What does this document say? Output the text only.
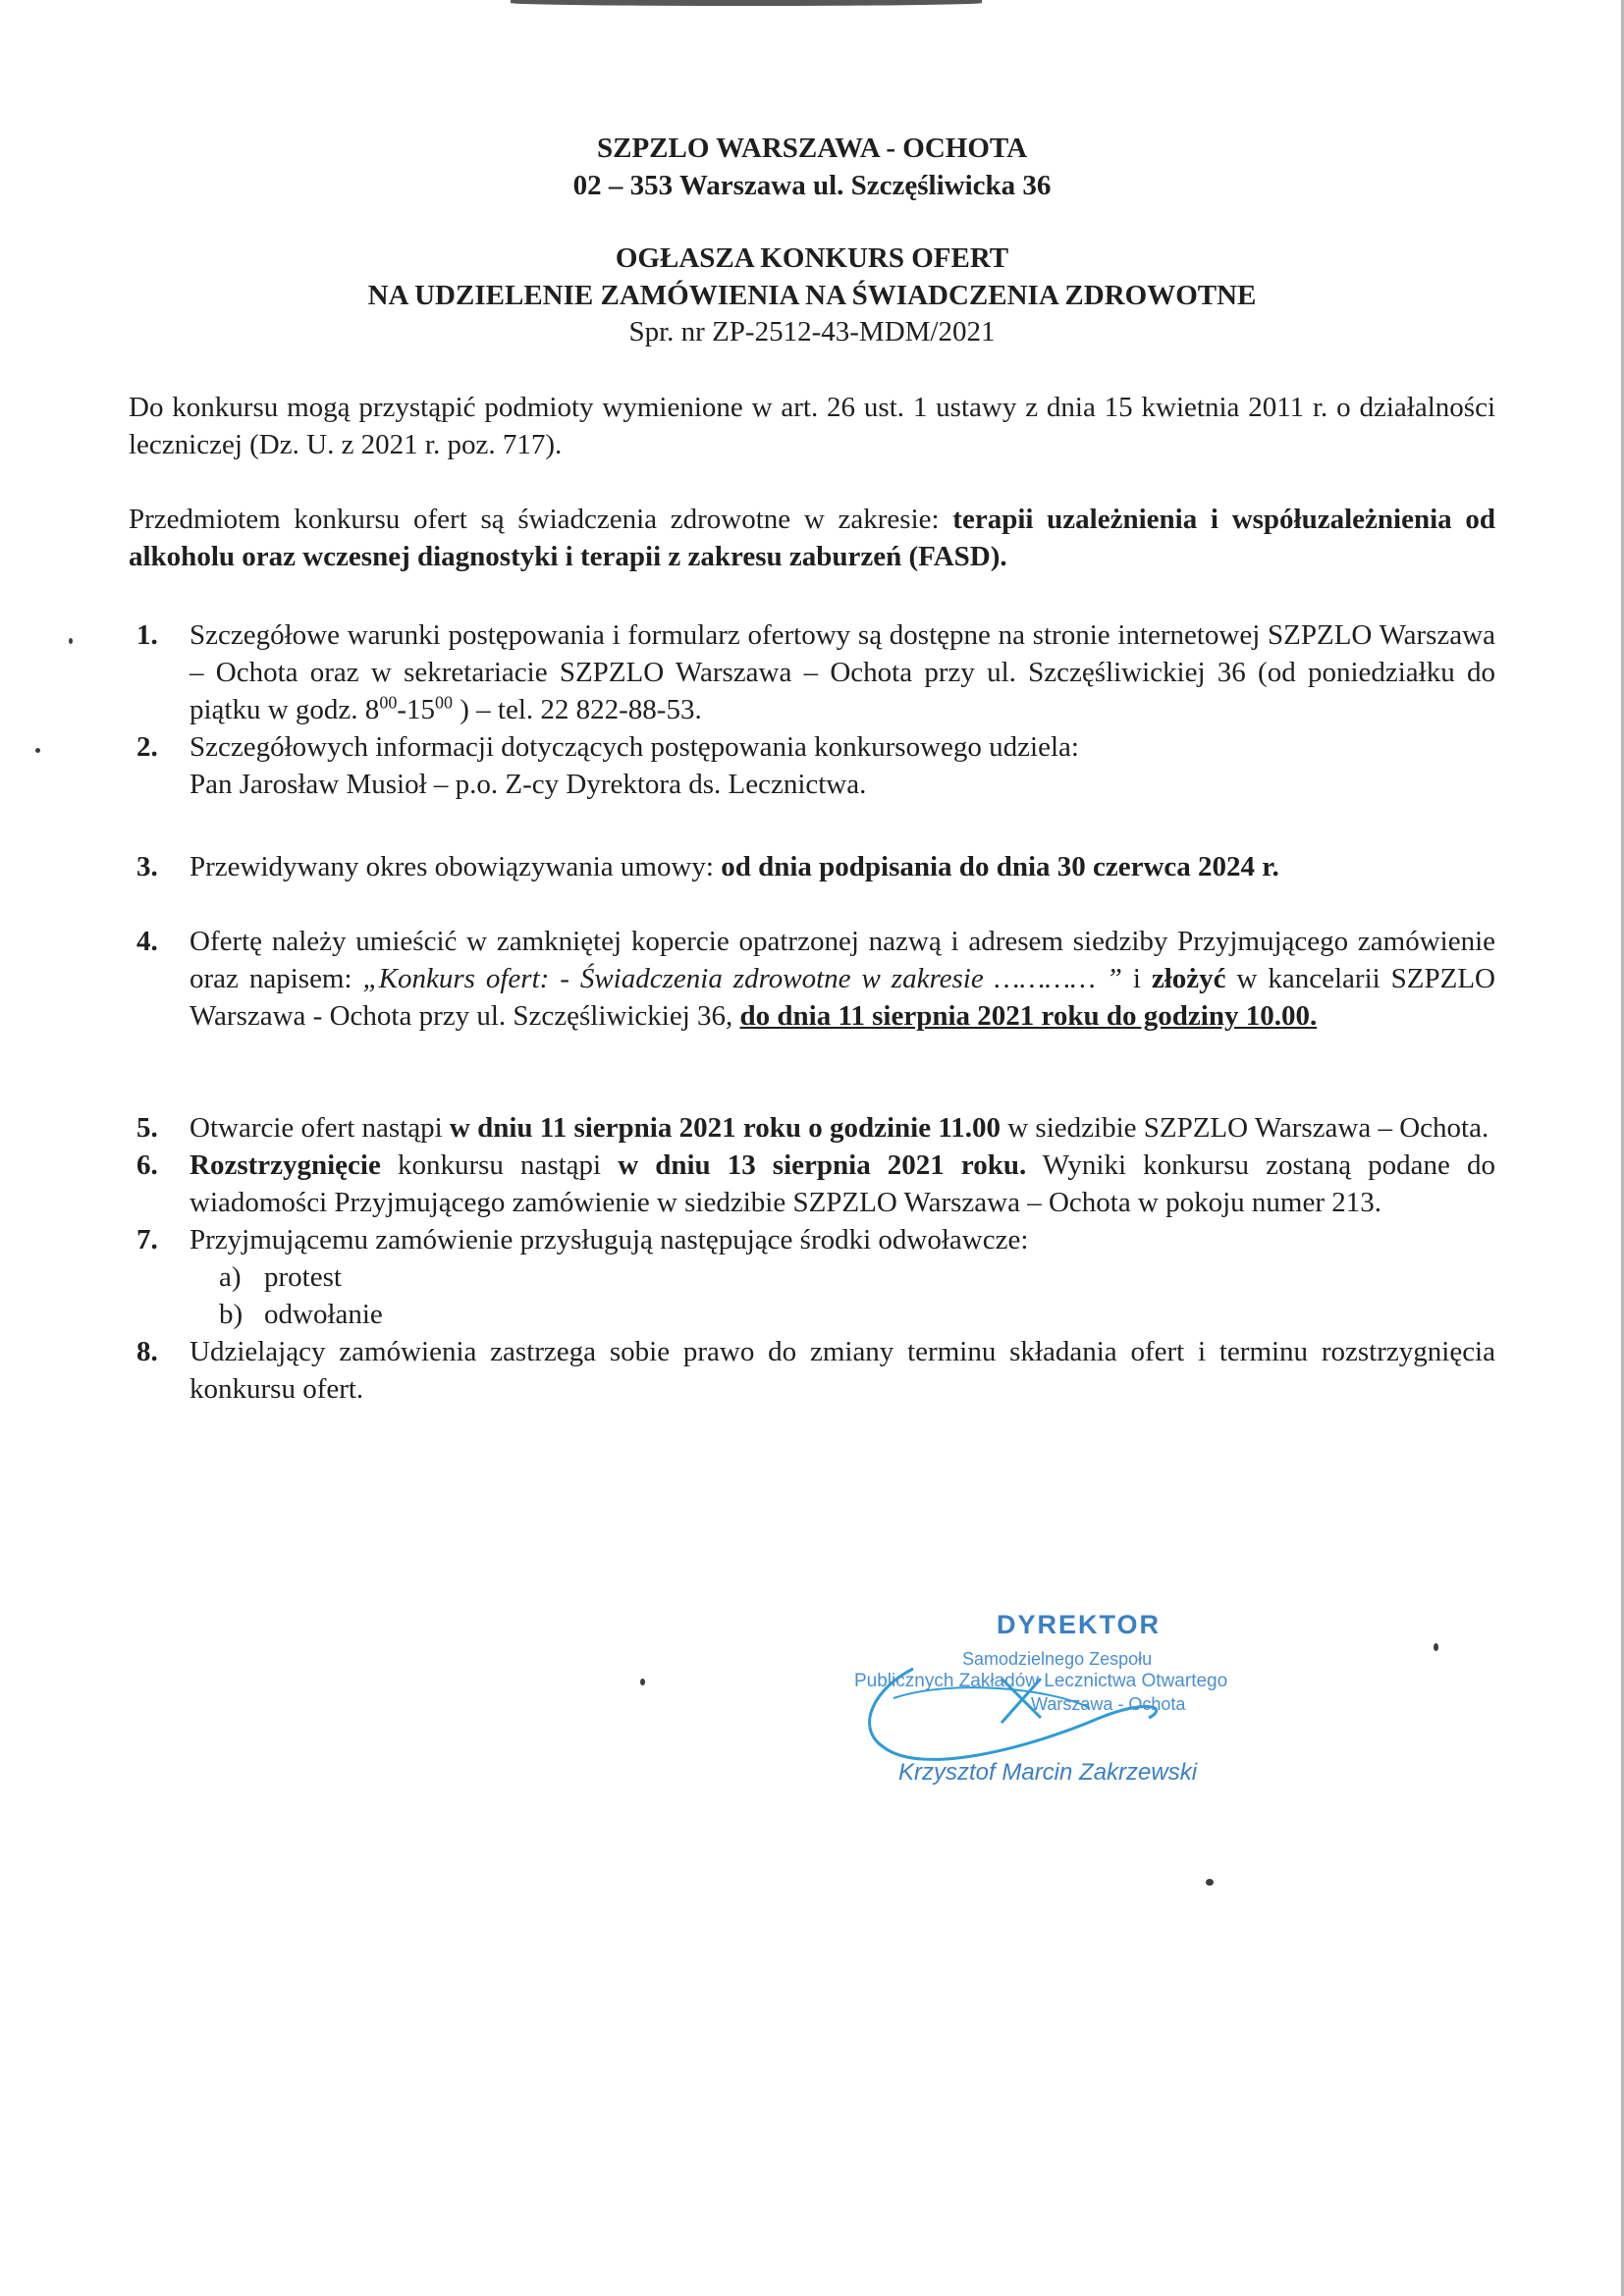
SZPZLO WARSZAWA - OCHOTA
02 – 353 Warszawa ul. Szczęśliwicka 36
OGŁASZA KONKURS OFERT
NA UDZIELENIE ZAMÓWIENIA NA ŚWIADCZENIA ZDROWOTNE
Spr. nr ZP-2512-43-MDM/2021
Do konkursu mogą przystąpić podmioty wymienione w art. 26 ust. 1 ustawy z dnia 15 kwietnia 2011 r. o działalności leczniczej (Dz. U. z 2021 r. poz. 717).
Przedmiotem konkursu ofert są świadczenia zdrowotne w zakresie: terapii uzależnienia i współuzależnienia od alkoholu oraz wczesnej diagnostyki i terapii z zakresu zaburzeń (FASD).
1. Szczegółowe warunki postępowania i formularz ofertowy są dostępne na stronie internetowej SZPZLO Warszawa – Ochota oraz w sekretariacie SZPZLO Warszawa – Ochota przy ul. Szczęśliwickiej 36 (od poniedziałku do piątku w godz. $8^{00}-15^{00}$ ) – tel. 22 822-88-53.
2. Szczegółowych informacji dotyczących postępowania konkursowego udziela:
Pan Jarosław Musioł – p.o. Z-cy Dyrektora ds. Lecznictwa.
3. Przewidywany okres obowiązywania umowy: od dnia podpisania do dnia 30 czerwca 2024 r.
4. Ofertę należy umieścić w zamkniętej kopercie opatrzonej nazwą i adresem siedziby Przyjmującego zamówienie oraz napisem: „Konkurs ofert: - Świadczenia zdrowotne w zakresie ………… ” i złożyć w kancelarii SZPZLO Warszawa - Ochota przy ul. Szczęśliwickiej 36, do dnia 11 sierpnia 2021 roku do godziny 10.00.
5. Otwarcie ofert nastąpi w dniu 11 sierpnia 2021 roku o godzinie 11.00 w siedzibie SZPZLO Warszawa – Ochota.
6. Rozstrzygnięcie konkursu nastąpi w dniu 13 sierpnia 2021 roku. Wyniki konkursu zostaną podane do wiadomości Przyjmującego zamówienie w siedzibie SZPZLO Warszawa – Ochota w pokoju numer 213.
7. Przyjmującemu zamówienie przysługują następujące środki odwoławcze:
a) protest
b) odwołanie
8. Udzielający zamówienia zastrzega sobie prawo do zmiany terminu składania ofert i terminu rozstrzygnięcia konkursu ofert.
DYREKTOR
Samodzielnego Zespołu
Publicznych Zakładów Lecznictwa Otwartego
Warszawa - Ochota
Krzysztof Marcin Zakrzewski
